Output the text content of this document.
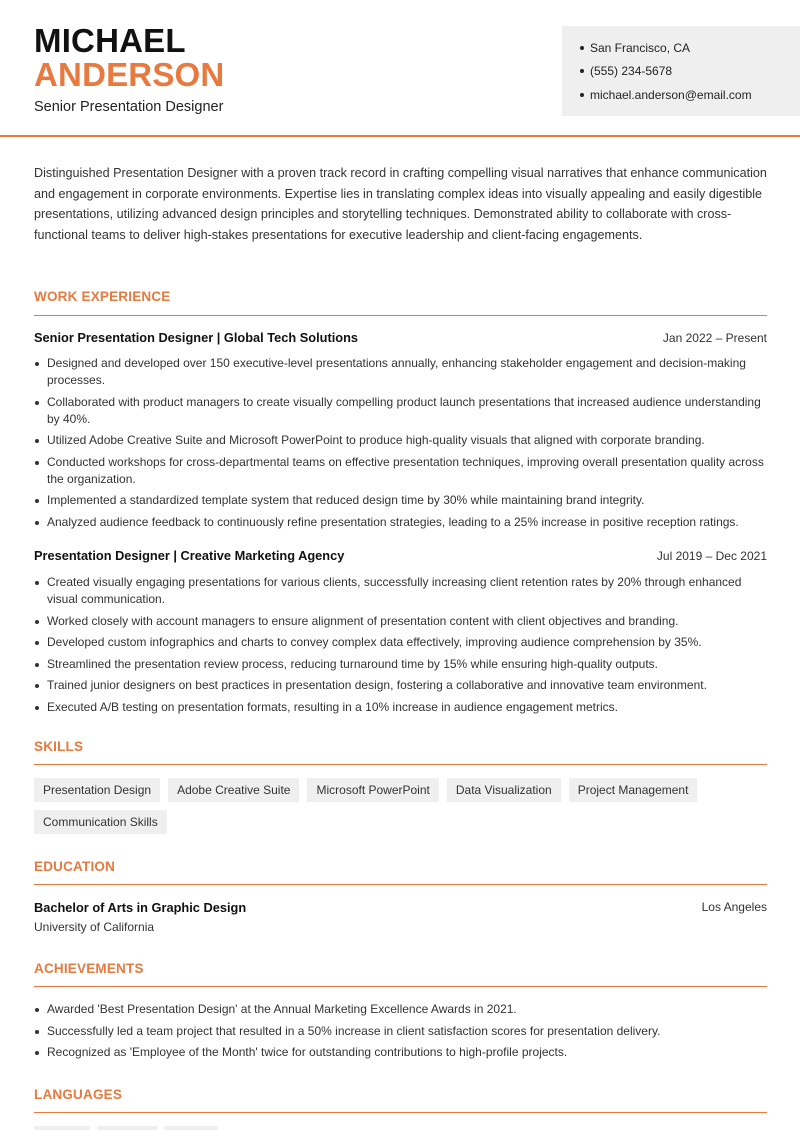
MICHAEL
ANDERSON
Senior Presentation Designer
San Francisco, CA
(555) 234-5678
michael.anderson@email.com

Distinguished Presentation Designer with a proven track record in crafting compelling visual narratives that enhance communication and engagement in corporate environments. Expertise lies in translating complex ideas into visually appealing and easily digestible presentations, utilizing advanced design principles and storytelling techniques. Demonstrated ability to collaborate with cross-functional teams to deliver high-stakes presentations for executive leadership and client-facing engagements.

WORK EXPERIENCE
Senior Presentation Designer | Global Tech Solutions	Jan 2022 – Present
Designed and developed over 150 executive-level presentations annually, enhancing stakeholder engagement and decision-making processes.
Collaborated with product managers to create visually compelling product launch presentations that increased audience understanding by 40%.
Utilized Adobe Creative Suite and Microsoft PowerPoint to produce high-quality visuals that aligned with corporate branding.
Conducted workshops for cross-departmental teams on effective presentation techniques, improving overall presentation quality across the organization.
Implemented a standardized template system that reduced design time by 30% while maintaining brand integrity.
Analyzed audience feedback to continuously refine presentation strategies, leading to a 25% increase in positive reception ratings.
Presentation Designer | Creative Marketing Agency	Jul 2019 – Dec 2021
Created visually engaging presentations for various clients, successfully increasing client retention rates by 20% through enhanced visual communication.
Worked closely with account managers to ensure alignment of presentation content with client objectives and branding.
Developed custom infographics and charts to convey complex data effectively, improving audience comprehension by 35%.
Streamlined the presentation review process, reducing turnaround time by 15% while ensuring high-quality outputs.
Trained junior designers on best practices in presentation design, fostering a collaborative and innovative team environment.
Executed A/B testing on presentation formats, resulting in a 10% increase in audience engagement metrics.
SKILLS
Presentation Design	Adobe Creative Suite	Microsoft PowerPoint	Data Visualization	Project Management
Communication Skills
EDUCATION
Bachelor of Arts in Graphic Design	Los Angeles
University of California
ACHIEVEMENTS
Awarded 'Best Presentation Design' at the Annual Marketing Excellence Awards in 2021.
Successfully led a team project that resulted in a 50% increase in client satisfaction scores for presentation delivery.
Recognized as 'Employee of the Month' twice for outstanding contributions to high-profile projects.
LANGUAGES
